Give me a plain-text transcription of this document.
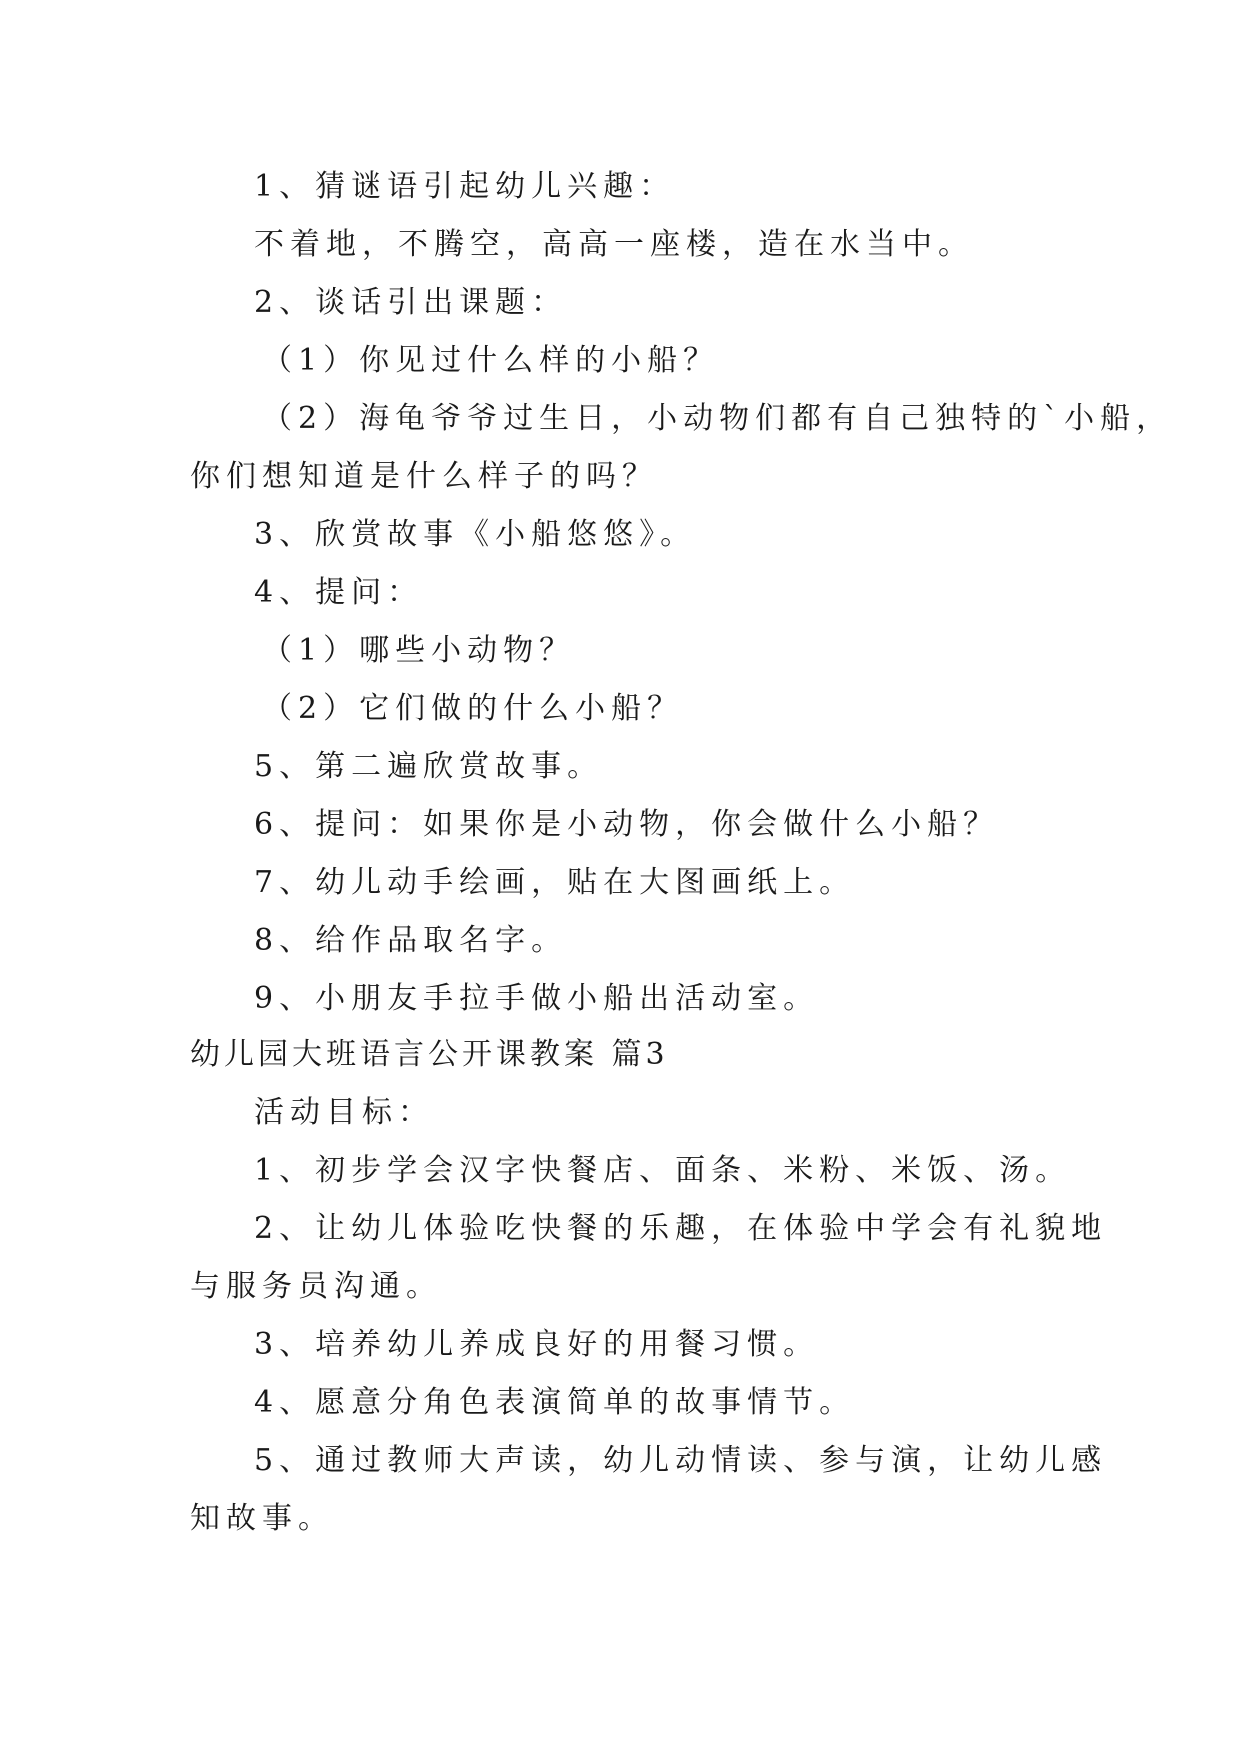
1、猜谜语引起幼儿兴趣：
不着地，不腾空，高高一座楼，造在水当中。
2、谈话引出课题：
（1）你见过什么样的小船？
（2）海龟爷爷过生日，小动物们都有自己独特的`小船，
你们想知道是什么样子的吗？
3、欣赏故事《小船悠悠》。
4、提问：
（1）哪些小动物？
（2）它们做的什么小船？
5、第二遍欣赏故事。
6、提问：如果你是小动物，你会做什么小船？
7、幼儿动手绘画，贴在大图画纸上。
8、给作品取名字。
9、小朋友手拉手做小船出活动室。
幼儿园大班语言公开课教案 篇3
活动目标：
1、初步学会汉字快餐店、面条、米粉、米饭、汤。
2、让幼儿体验吃快餐的乐趣，在体验中学会有礼貌地
与服务员沟通。
3、培养幼儿养成良好的用餐习惯。
4、愿意分角色表演简单的故事情节。
5、通过教师大声读，幼儿动情读、参与演，让幼儿感
知故事。
